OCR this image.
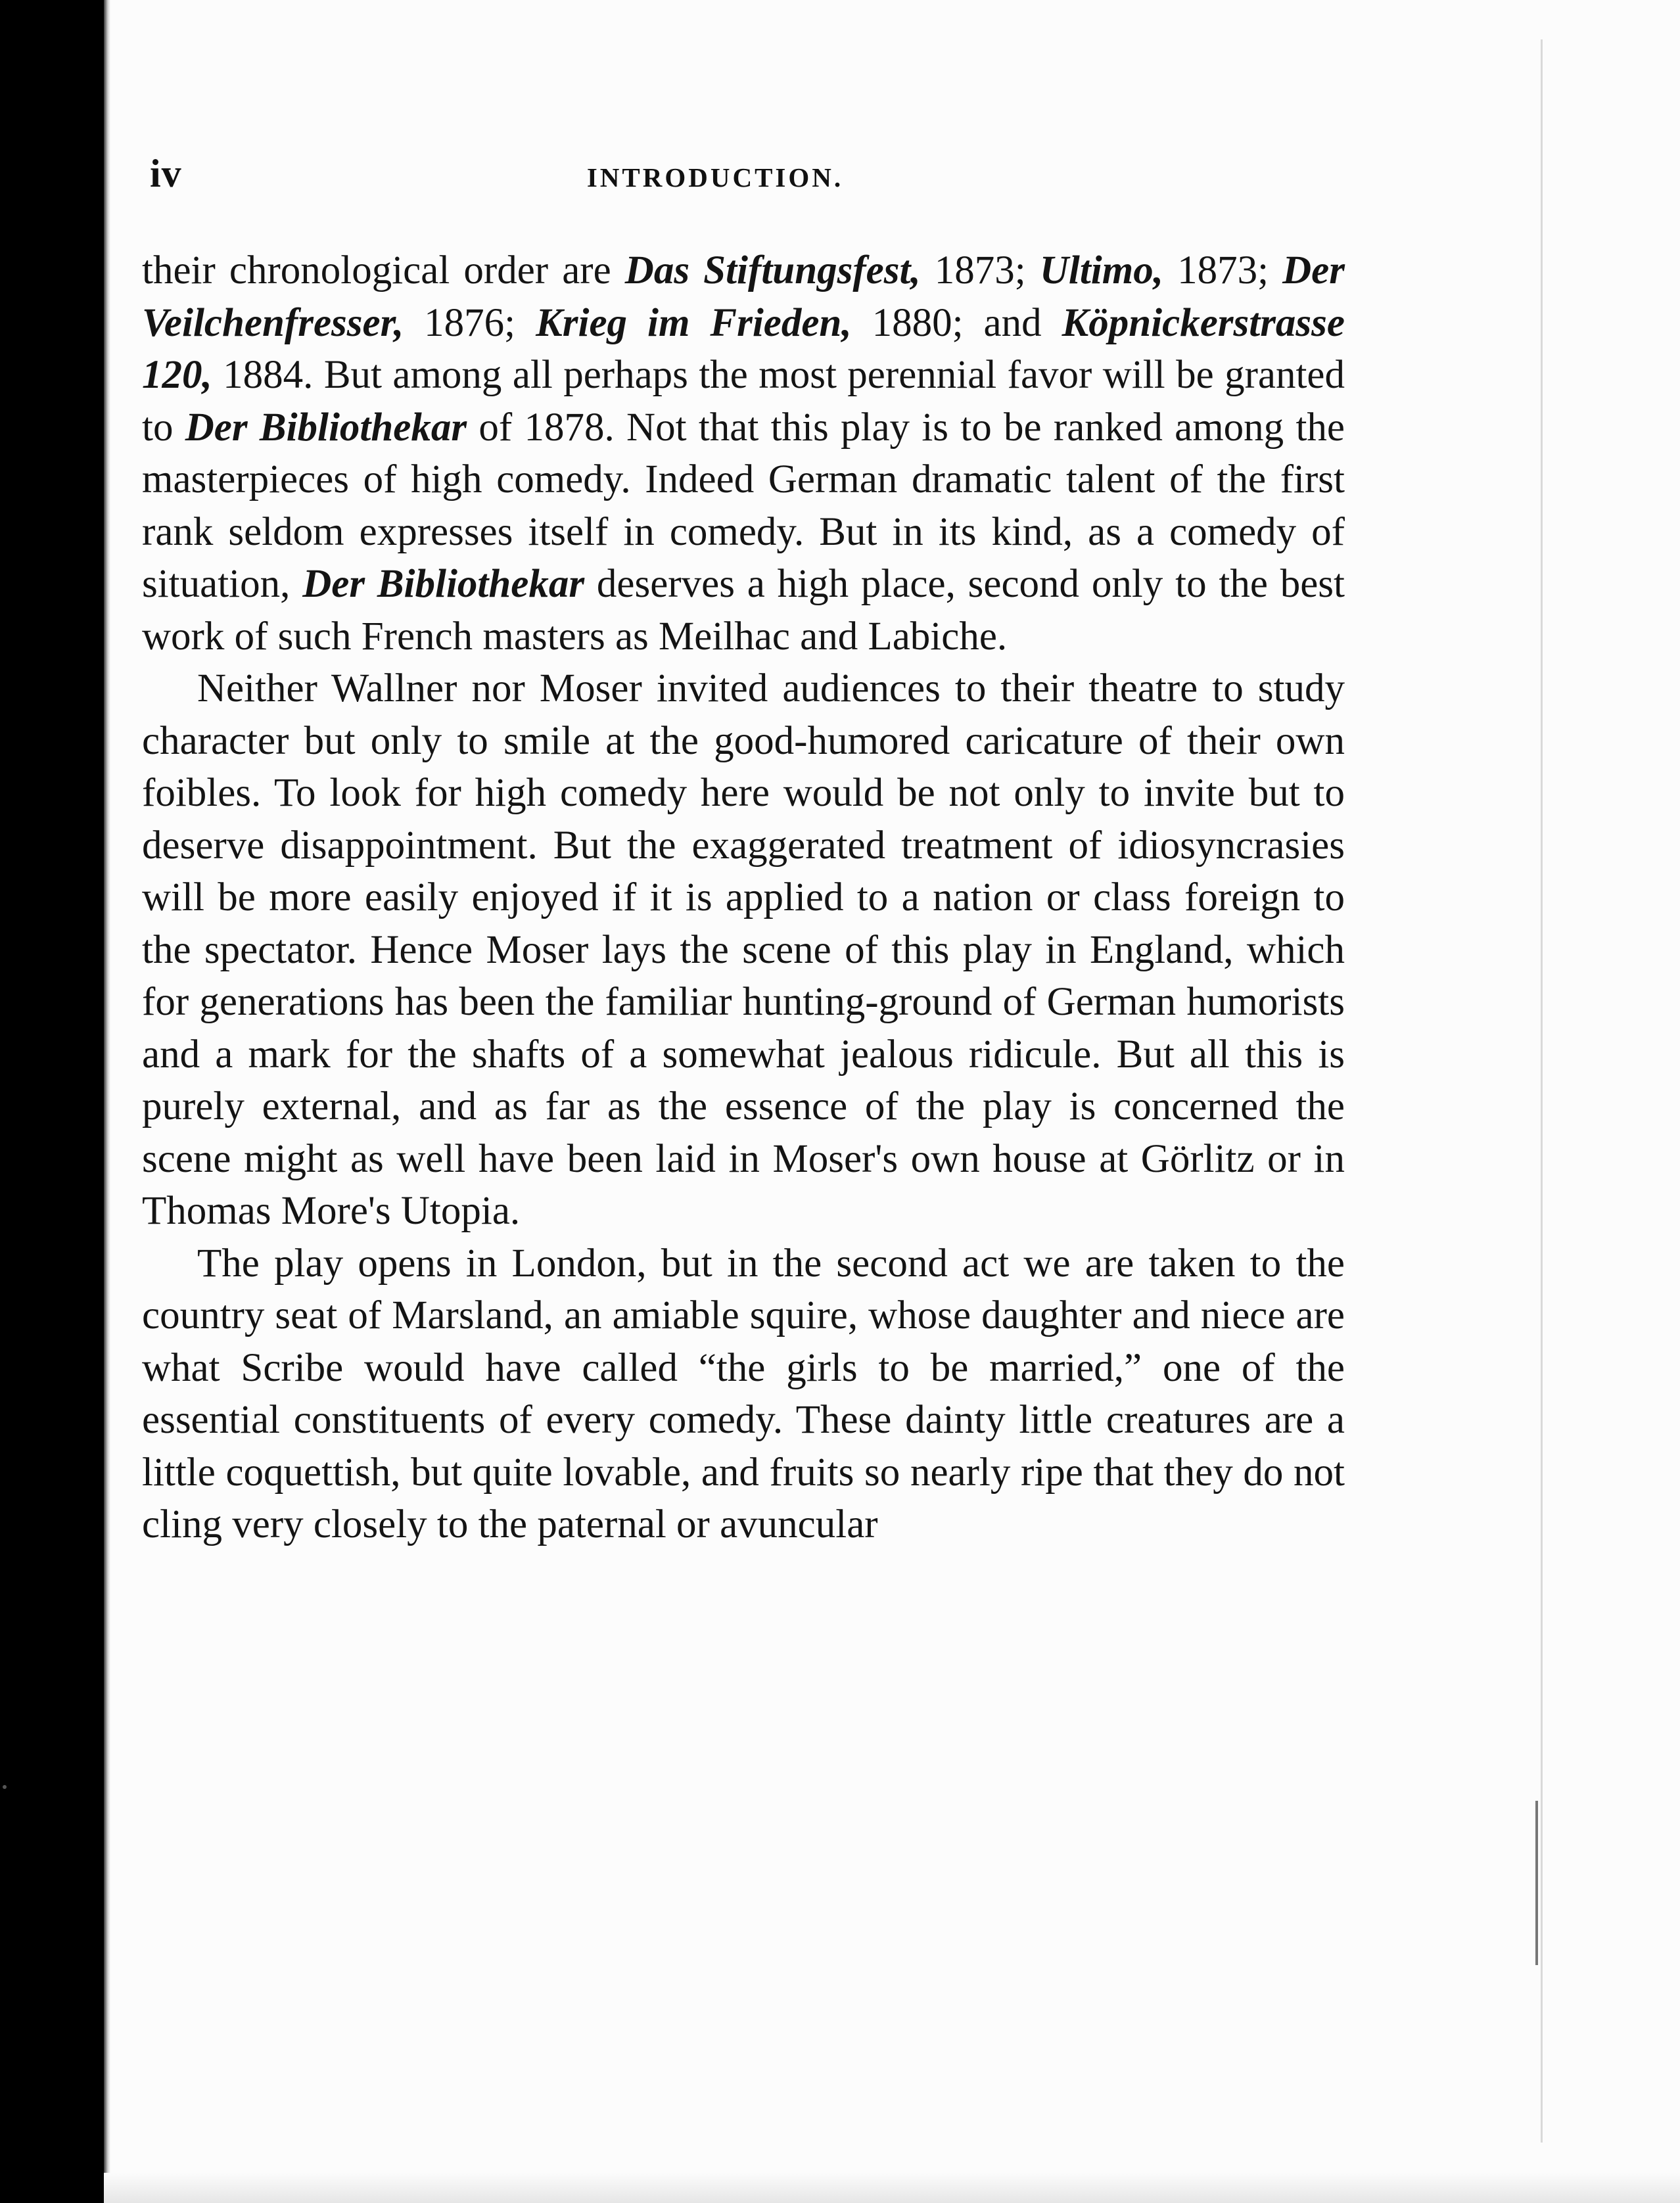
iv	INTRODUCTION.

their chronological order are Das Stiftungsfest, 1873; Ultimo, 1873; Der Veilchenfresser, 1876; Krieg im Frieden, 1880; and Köpnickerstrasse 120, 1884. But among all perhaps the most perennial favor will be granted to Der Bibliothekar of 1878. Not that this play is to be ranked among the masterpieces of high comedy. Indeed German dramatic talent of the first rank seldom expresses itself in comedy. But in its kind, as a comedy of situation, Der Bibliothekar deserves a high place, second only to the best work of such French masters as Meilhac and Labiche.

Neither Wallner nor Moser invited audiences to their theatre to study character but only to smile at the good-humored caricature of their own foibles. To look for high comedy here would be not only to invite but to deserve disappointment. But the exaggerated treatment of idiosyncrasies will be more easily enjoyed if it is applied to a nation or class foreign to the spectator. Hence Moser lays the scene of this play in England, which for generations has been the familiar hunting-ground of German humorists and a mark for the shafts of a somewhat jealous ridicule. But all this is purely external, and as far as the essence of the play is concerned the scene might as well have been laid in Moser's own house at Görlitz or in Thomas More's Utopia.

The play opens in London, but in the second act we are taken to the country seat of Marsland, an amiable squire, whose daughter and niece are what Scribe would have called “the girls to be married,” one of the essential constituents of every comedy. These dainty little creatures are a little coquettish, but quite lovable, and fruits so nearly ripe that they do not cling very closely to the paternal or avuncular
